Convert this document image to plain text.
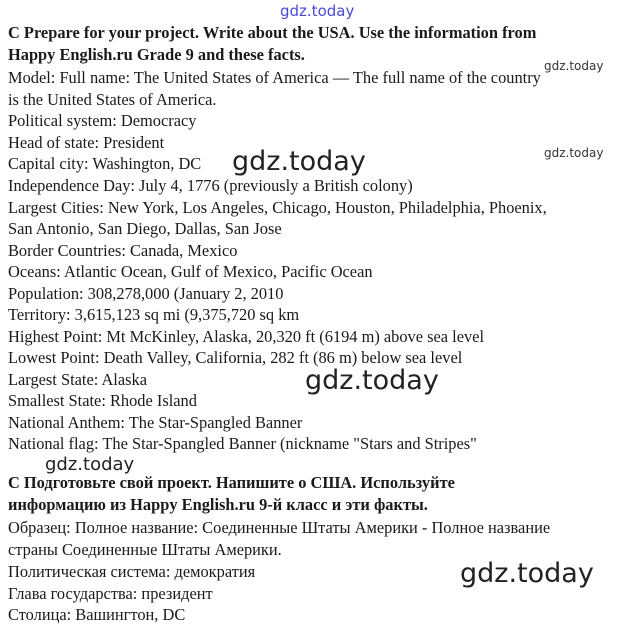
gdz.today
C Prepare for your project. Write about the USA. Use the information from
Happy English.ru Grade 9 and these facts.
Model: Full name: The United States of America — The full name of the country
is the United States of America.
Political system: Democracy
Head of state: President
Capital city: Washington, DC
Independence Day: July 4, 1776 (previously a British colony)
Largest Cities: New York, Los Angeles, Chicago, Houston, Philadelphia, Phoenix,
San Antonio, San Diego, Dallas, San Jose
Border Countries: Canada, Mexico
Oceans: Atlantic Ocean, Gulf of Mexico, Pacific Ocean
Population: 308,278,000 (January 2, 2010
Territory: 3,615,123 sq mi (9,375,720 sq km
Highest Point: Mt McKinley, Alaska, 20,320 ft (6194 m) above sea level
Lowest Point: Death Valley, California, 282 ft (86 m) below sea level
Largest State: Alaska
Smallest State: Rhode Island
National Anthem: The Star-Spangled Banner
National flag: The Star-Spangled Banner (nickname "Stars and Stripes"
С Подготовьте свой проект. Напишите о США. Используйте
информацию из Happy English.ru 9-й класс и эти факты.
Образец: Полное название: Соединенные Штаты Америки - Полное название
страны Соединенные Штаты Америки.
Политическая система: демократия
Глава государства: президент
Столица: Вашингтон, DC
gdz.today
gdz.today
gdz.today
gdz.today
gdz.today
gdz.today
